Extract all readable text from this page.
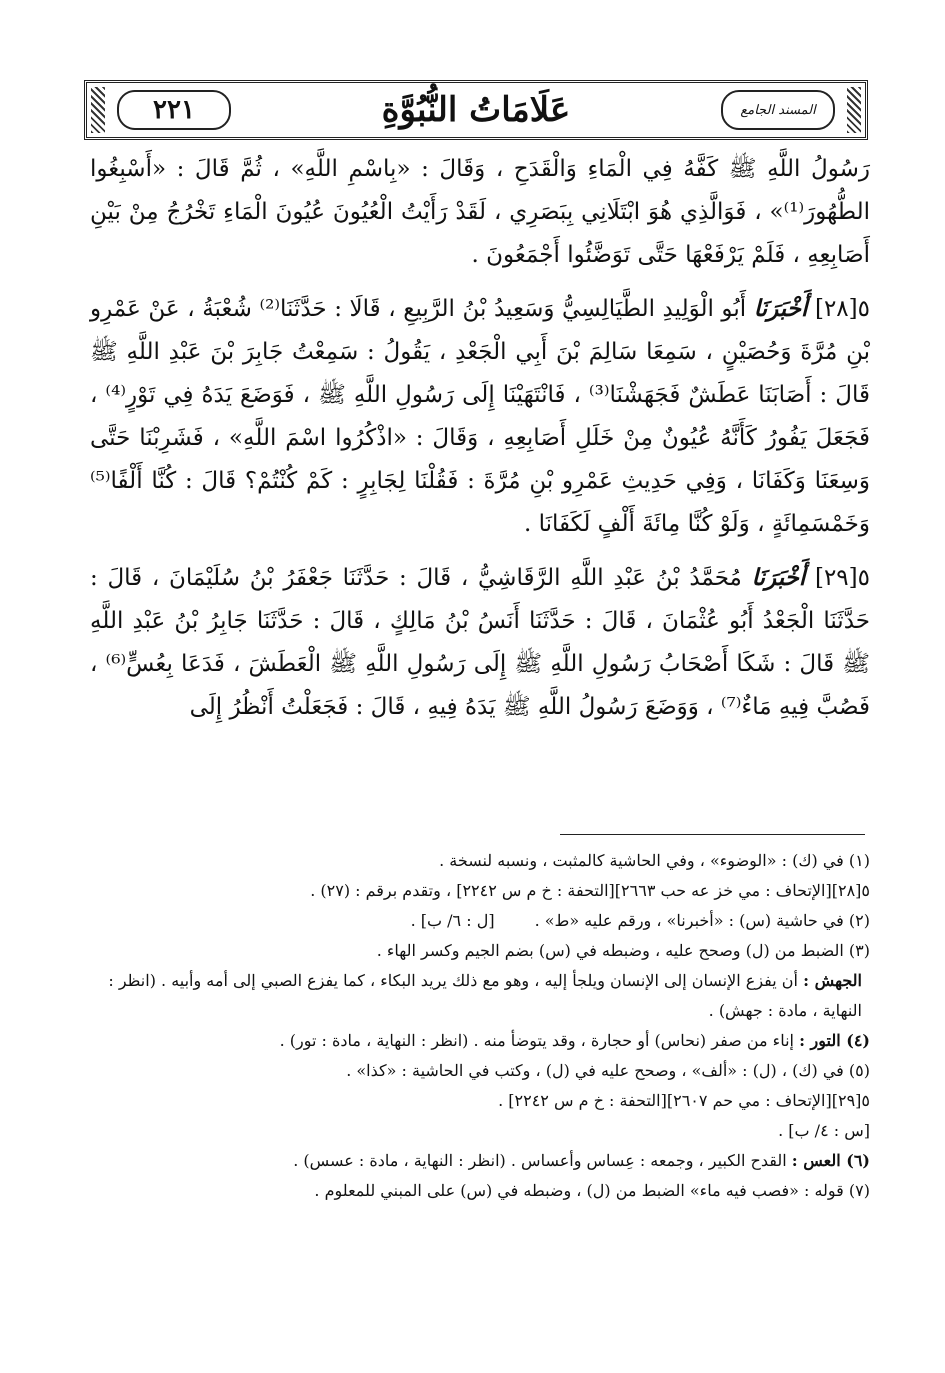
٢٢١	عَلَامَاتُ النُّبُوَّةِ	المسند الجامع

رَسُولُ اللَّهِ ﷺ كَفَّهُ فِي الْمَاءِ وَالْقَدَحِ ، وَقَالَ : «بِاسْمِ اللَّهِ» ، ثُمَّ قَالَ : «أَسْبِغُوا الطُّهُورَ⁽¹⁾» ، فَوَالَّذِي هُوَ ابْتَلَانِي بِبَصَرِي ، لَقَدْ رَأَيْتُ الْعُيُونَ عُيُونَ الْمَاءِ تَخْرُجُ مِنْ بَيْنِ أَصَابِعِهِ ، فَلَمْ يَرْفَعْهَا حَتَّى تَوَضَّئُوا أَجْمَعُونَ .

٥[٢٨] أَخْبَرَنَا أَبُو الْوَلِيدِ الطَّيَالِسِيُّ وَسَعِيدُ بْنُ الرَّبِيعِ ، قَالَا : حَدَّثَنَا⁽²⁾ شُعْبَةُ ، عَنْ عَمْرِو بْنِ مُرَّةَ وَحُصَيْنٍ ، سَمِعَا سَالِمَ بْنَ أَبِي الْجَعْدِ ، يَقُولُ : سَمِعْتُ جَابِرَ بْنَ عَبْدِ اللَّهِ ﷺ قَالَ : أَصَابَنَا عَطَشٌ فَجَهَشْنَا⁽³⁾ ، فَانْتَهَيْنَا إِلَى رَسُولِ اللَّهِ ﷺ ، فَوَضَعَ يَدَهُ فِي تَوْرٍ⁽⁴⁾ ، فَجَعَلَ يَفُورُ كَأَنَّهُ عُيُونٌ مِنْ خَلَلِ أَصَابِعِهِ ، وَقَالَ : «اذْكُرُوا اسْمَ اللَّهِ» ، فَشَرِبْنَا حَتَّى وَسِعَنَا وَكَفَانَا ، وَفِي حَدِيثِ عَمْرِو بْنِ مُرَّةَ : فَقُلْنَا لِجَابِرٍ : كَمْ كُنْتُمْ؟ قَالَ : كُنَّا أَلْفًا⁽⁵⁾ وَخَمْسَمِائَةٍ ، وَلَوْ كُنَّا مِائَةَ أَلْفٍ لَكَفَانَا .

٥[٢٩] أَخْبَرَنَا مُحَمَّدُ بْنُ عَبْدِ اللَّهِ الرَّقَاشِيُّ ، قَالَ : حَدَّثَنَا جَعْفَرُ بْنُ سُلَيْمَانَ ، قَالَ : حَدَّثَنَا الْجَعْدُ أَبُو عُثْمَانَ ، قَالَ : حَدَّثَنَا أَنَسُ بْنُ مَالِكٍ ، قَالَ : حَدَّثَنَا جَابِرُ بْنُ عَبْدِ اللَّهِ ﷺ قَالَ : شَكَا أَصْحَابُ رَسُولِ اللَّهِ ﷺ إِلَى رَسُولِ اللَّهِ ﷺ الْعَطَشَ ، فَدَعَا بِعُسٍّ⁽⁶⁾ ، فَصُبَّ فِيهِ مَاءٌ⁽⁷⁾ ، وَوَضَعَ رَسُولُ اللَّهِ ﷺ يَدَهُ فِيهِ ، قَالَ : فَجَعَلْتُ أَنْظُرُ إِلَى

(١) في (ك) : «الوضوء» ، وفي الحاشية كالمثبت ، ونسبه لنسخة .

٥[٢٨][الإتحاف : مي خز عه حب ٢٦٦٣][التحفة : خ م س ٢٢٤٢] ، وتقدم برقم : (٢٧) .

(٢) في حاشية (س) : «أخبرنا» ، ورقم عليه «ط» .
[ل : ٦/ ب] .

(٣) الضبط من (ل) وصحح عليه ، وضبطه في (س) بضم الجيم وكسر الهاء .

الجهش : أن يفزع الإنسان إلى الإنسان ويلجأ إليه ، وهو مع ذلك يريد البكاء ، كما يفزع الصبي إلى أمه وأبيه . (انظر : النهاية ، مادة : جهش) .

(٤) التور : إناء من صفر (نحاس) أو حجارة ، وقد يتوضأ منه . (انظر : النهاية ، مادة : تور) .

(٥) في (ك) ، (ل) : «ألف» ، وصحح عليه في (ل) ، وكتب في الحاشية : «كذا» .

٥[٢٩][الإتحاف : مي حم ٢٦٠٧][التحفة : خ م س ٢٢٤٢] .

[س : ٤/ ب] .

(٦) العس : القدح الكبير ، وجمعه : عِساس وأعساس . (انظر : النهاية ، مادة : عسس) .

(٧) قوله : «فصب فيه ماء» الضبط من (ل) ، وضبطه في (س) على المبني للمعلوم .
